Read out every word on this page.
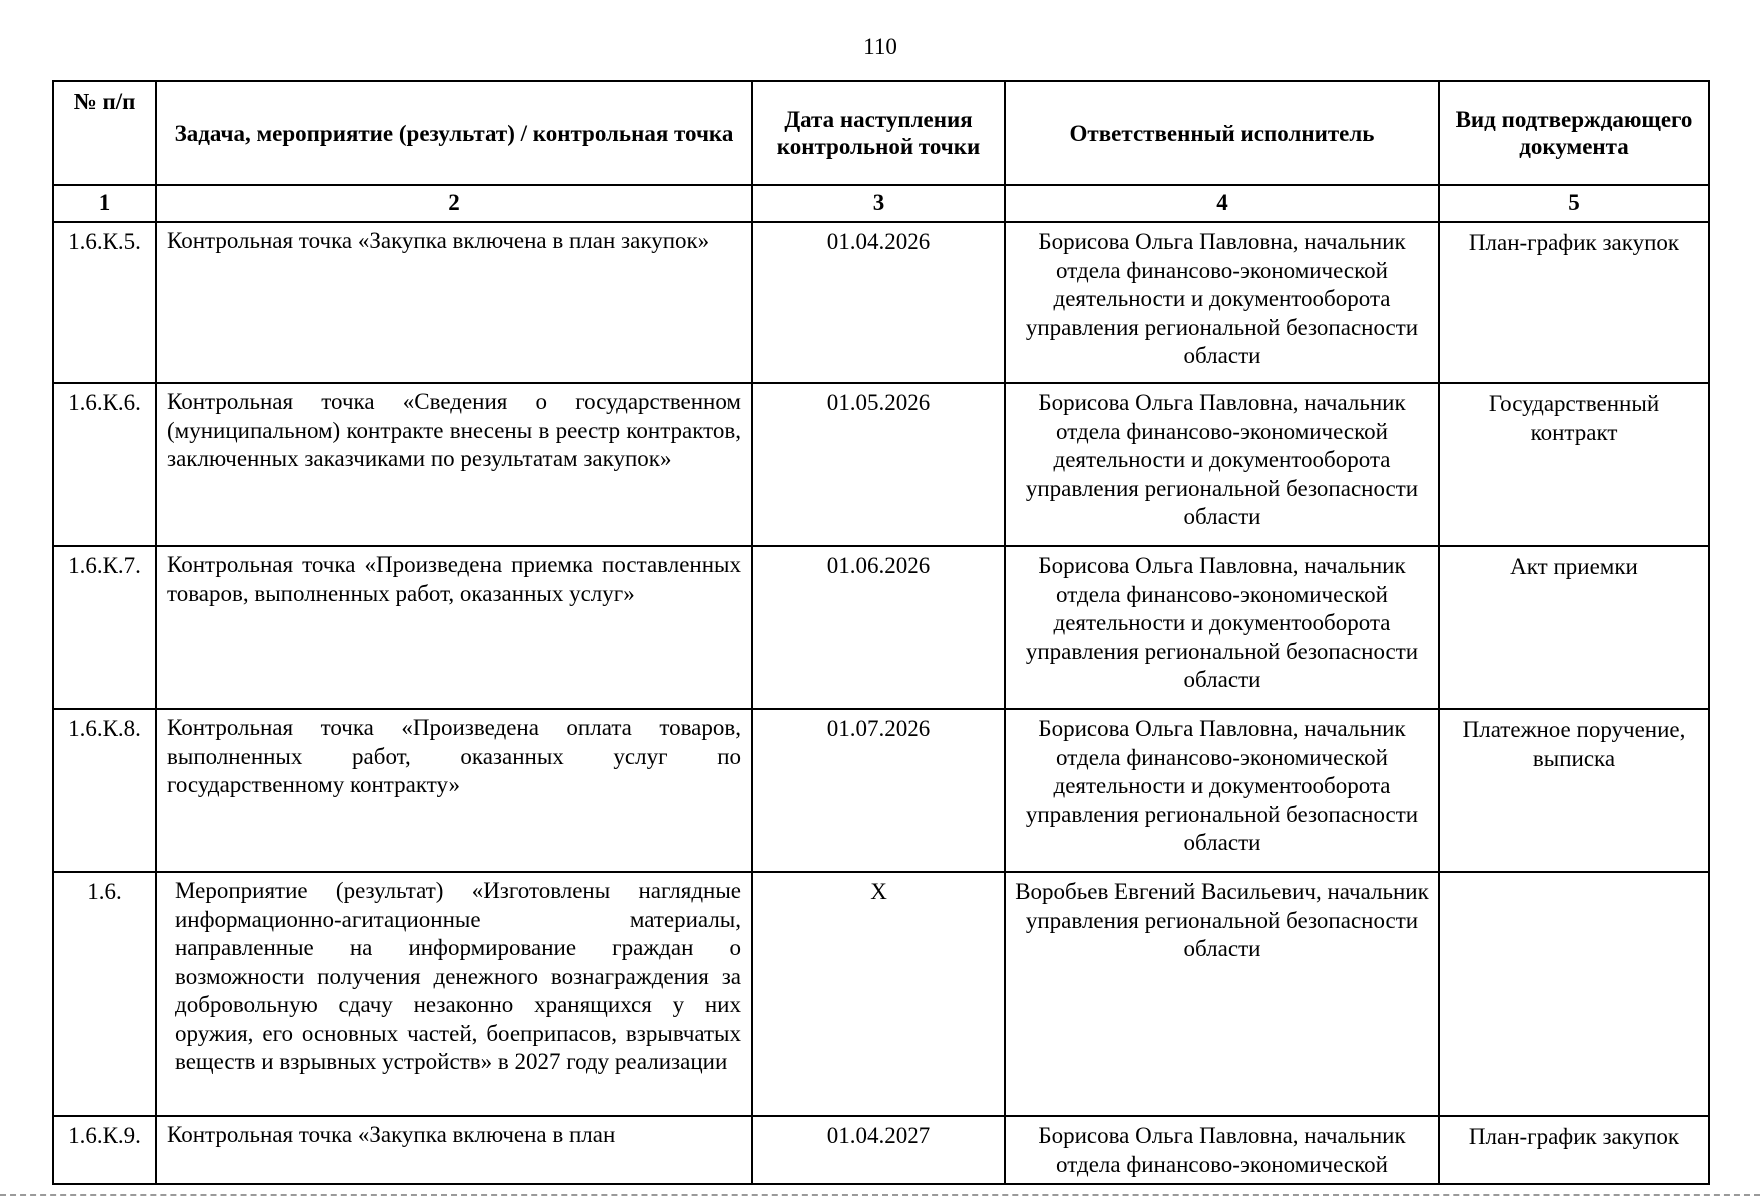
110
№ п/п	Задача, мероприятие (результат) / контрольная точка	Дата наступления контрольной точки	Ответственный исполнитель	Вид подтверждающего документа
1	2	3	4	5
1.6.К.5.	Контрольная точка «Закупка включена в план закупок»	01.04.2026	Борисова Ольга Павловна, начальник отдела финансово-экономической деятельности и документооборота управления региональной безопасности области	План-график закупок
1.6.К.6.	Контрольная точка «Сведения о государственном (муниципальном) контракте внесены в реестр контрактов, заключенных заказчиками по результатам закупок»	01.05.2026	Борисова Ольга Павловна, начальник отдела финансово-экономической деятельности и документооборота управления региональной безопасности области	Государственный контракт
1.6.К.7.	Контрольная точка «Произведена приемка поставленных товаров, выполненных работ, оказанных услуг»	01.06.2026	Борисова Ольга Павловна, начальник отдела финансово-экономической деятельности и документооборота управления региональной безопасности области	Акт приемки
1.6.К.8.	Контрольная точка «Произведена оплата товаров, выполненных работ, оказанных услуг по государственному контракту»	01.07.2026	Борисова Ольга Павловна, начальник отдела финансово-экономической деятельности и документооборота управления региональной безопасности области	Платежное поручение, выписка
1.6.	Мероприятие (результат) «Изготовлены наглядные информационно-агитационные материалы, направленные на информирование граждан о возможности получения денежного вознаграждения за добровольную сдачу незаконно хранящихся у них оружия, его основных частей, боеприпасов, взрывчатых веществ и взрывных устройств» в 2027 году реализации	Х	Воробьев Евгений Васильевич, начальник управления региональной безопасности области	
1.6.К.9.	Контрольная точка «Закупка включена в план	01.04.2027	Борисова Ольга Павловна, начальник отдела финансово-экономической	План-график закупок
